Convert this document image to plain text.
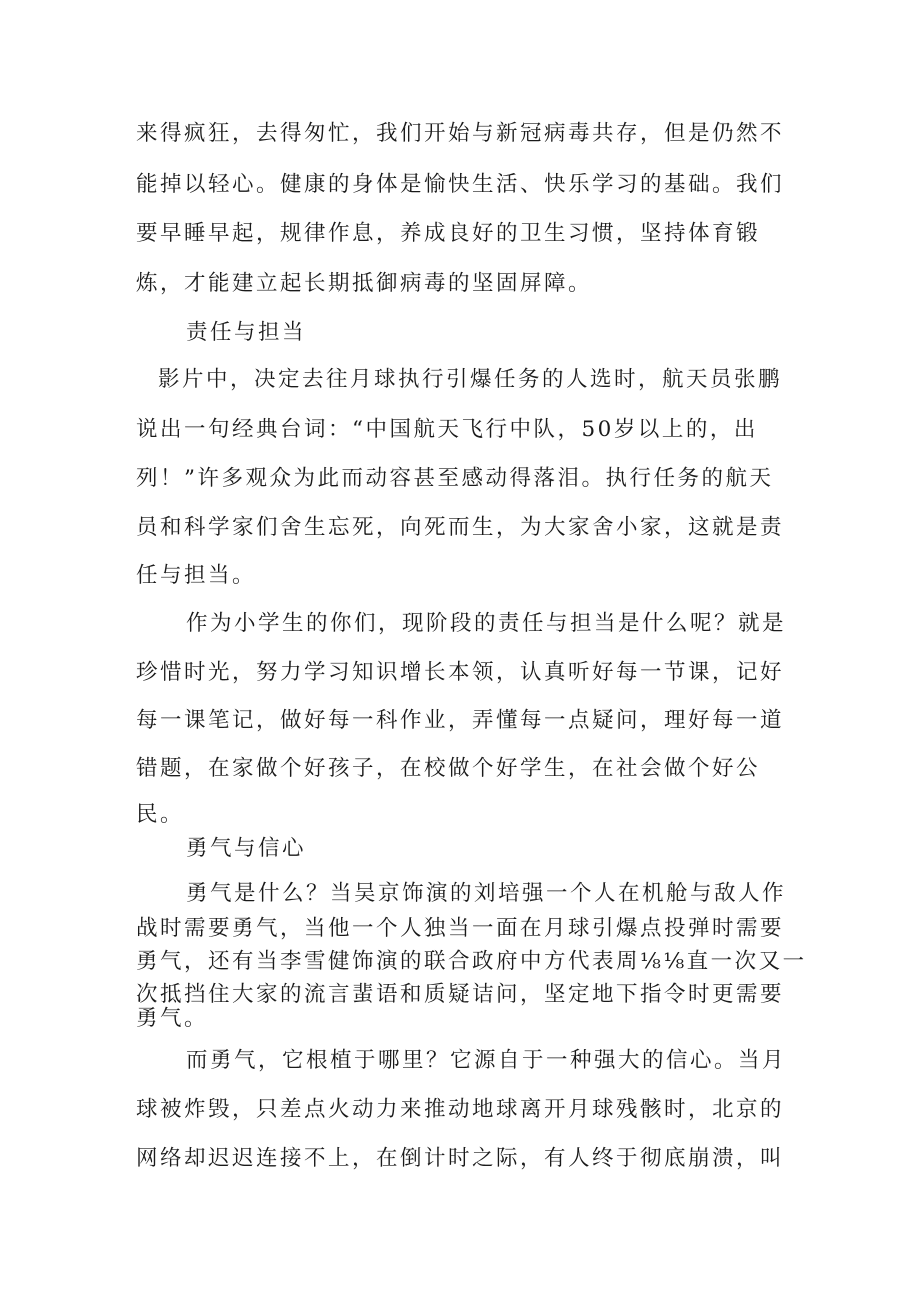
来得疯狂，去得匆忙，我们开始与新冠病毒共存，但是仍然不
能掉以轻心。健康的身体是愉快生活、快乐学习的基础。我们
要早睡早起，规律作息，养成良好的卫生习惯，坚持体育锻
炼，才能建立起长期抵御病毒的坚固屏障。
责任与担当
影片中，决定去往月球执行引爆任务的人选时，航天员张鹏
说出一句经典台词：“中国航天飞行中队，50岁以上的，出
列！”许多观众为此而动容甚至感动得落泪。执行任务的航天
员和科学家们舍生忘死，向死而生，为大家舍小家，这就是责
任与担当。
作为小学生的你们，现阶段的责任与担当是什么呢？就是
珍惜时光，努力学习知识增长本领，认真听好每一节课，记好
每一课笔记，做好每一科作业，弄懂每一点疑问，理好每一道
错题，在家做个好孩子，在校做个好学生，在社会做个好公
民。
勇气与信心
勇气是什么？当吴京饰演的刘培强一个人在机舱与敌人作
战时需要勇气，当他一个人独当一面在月球引爆点投弹时需要
勇气，还有当李雪健饰演的联合政府中方代表周⅛⅛直一次又一
次抵挡住大家的流言蜚语和质疑诘问，坚定地下指令时更需要
勇气。
而勇气，它根植于哪里？它源自于一种强大的信心。当月
球被炸毁，只差点火动力来推动地球离开月球残骸时，北京的
网络却迟迟连接不上，在倒计时之际，有人终于彻底崩溃，叫
